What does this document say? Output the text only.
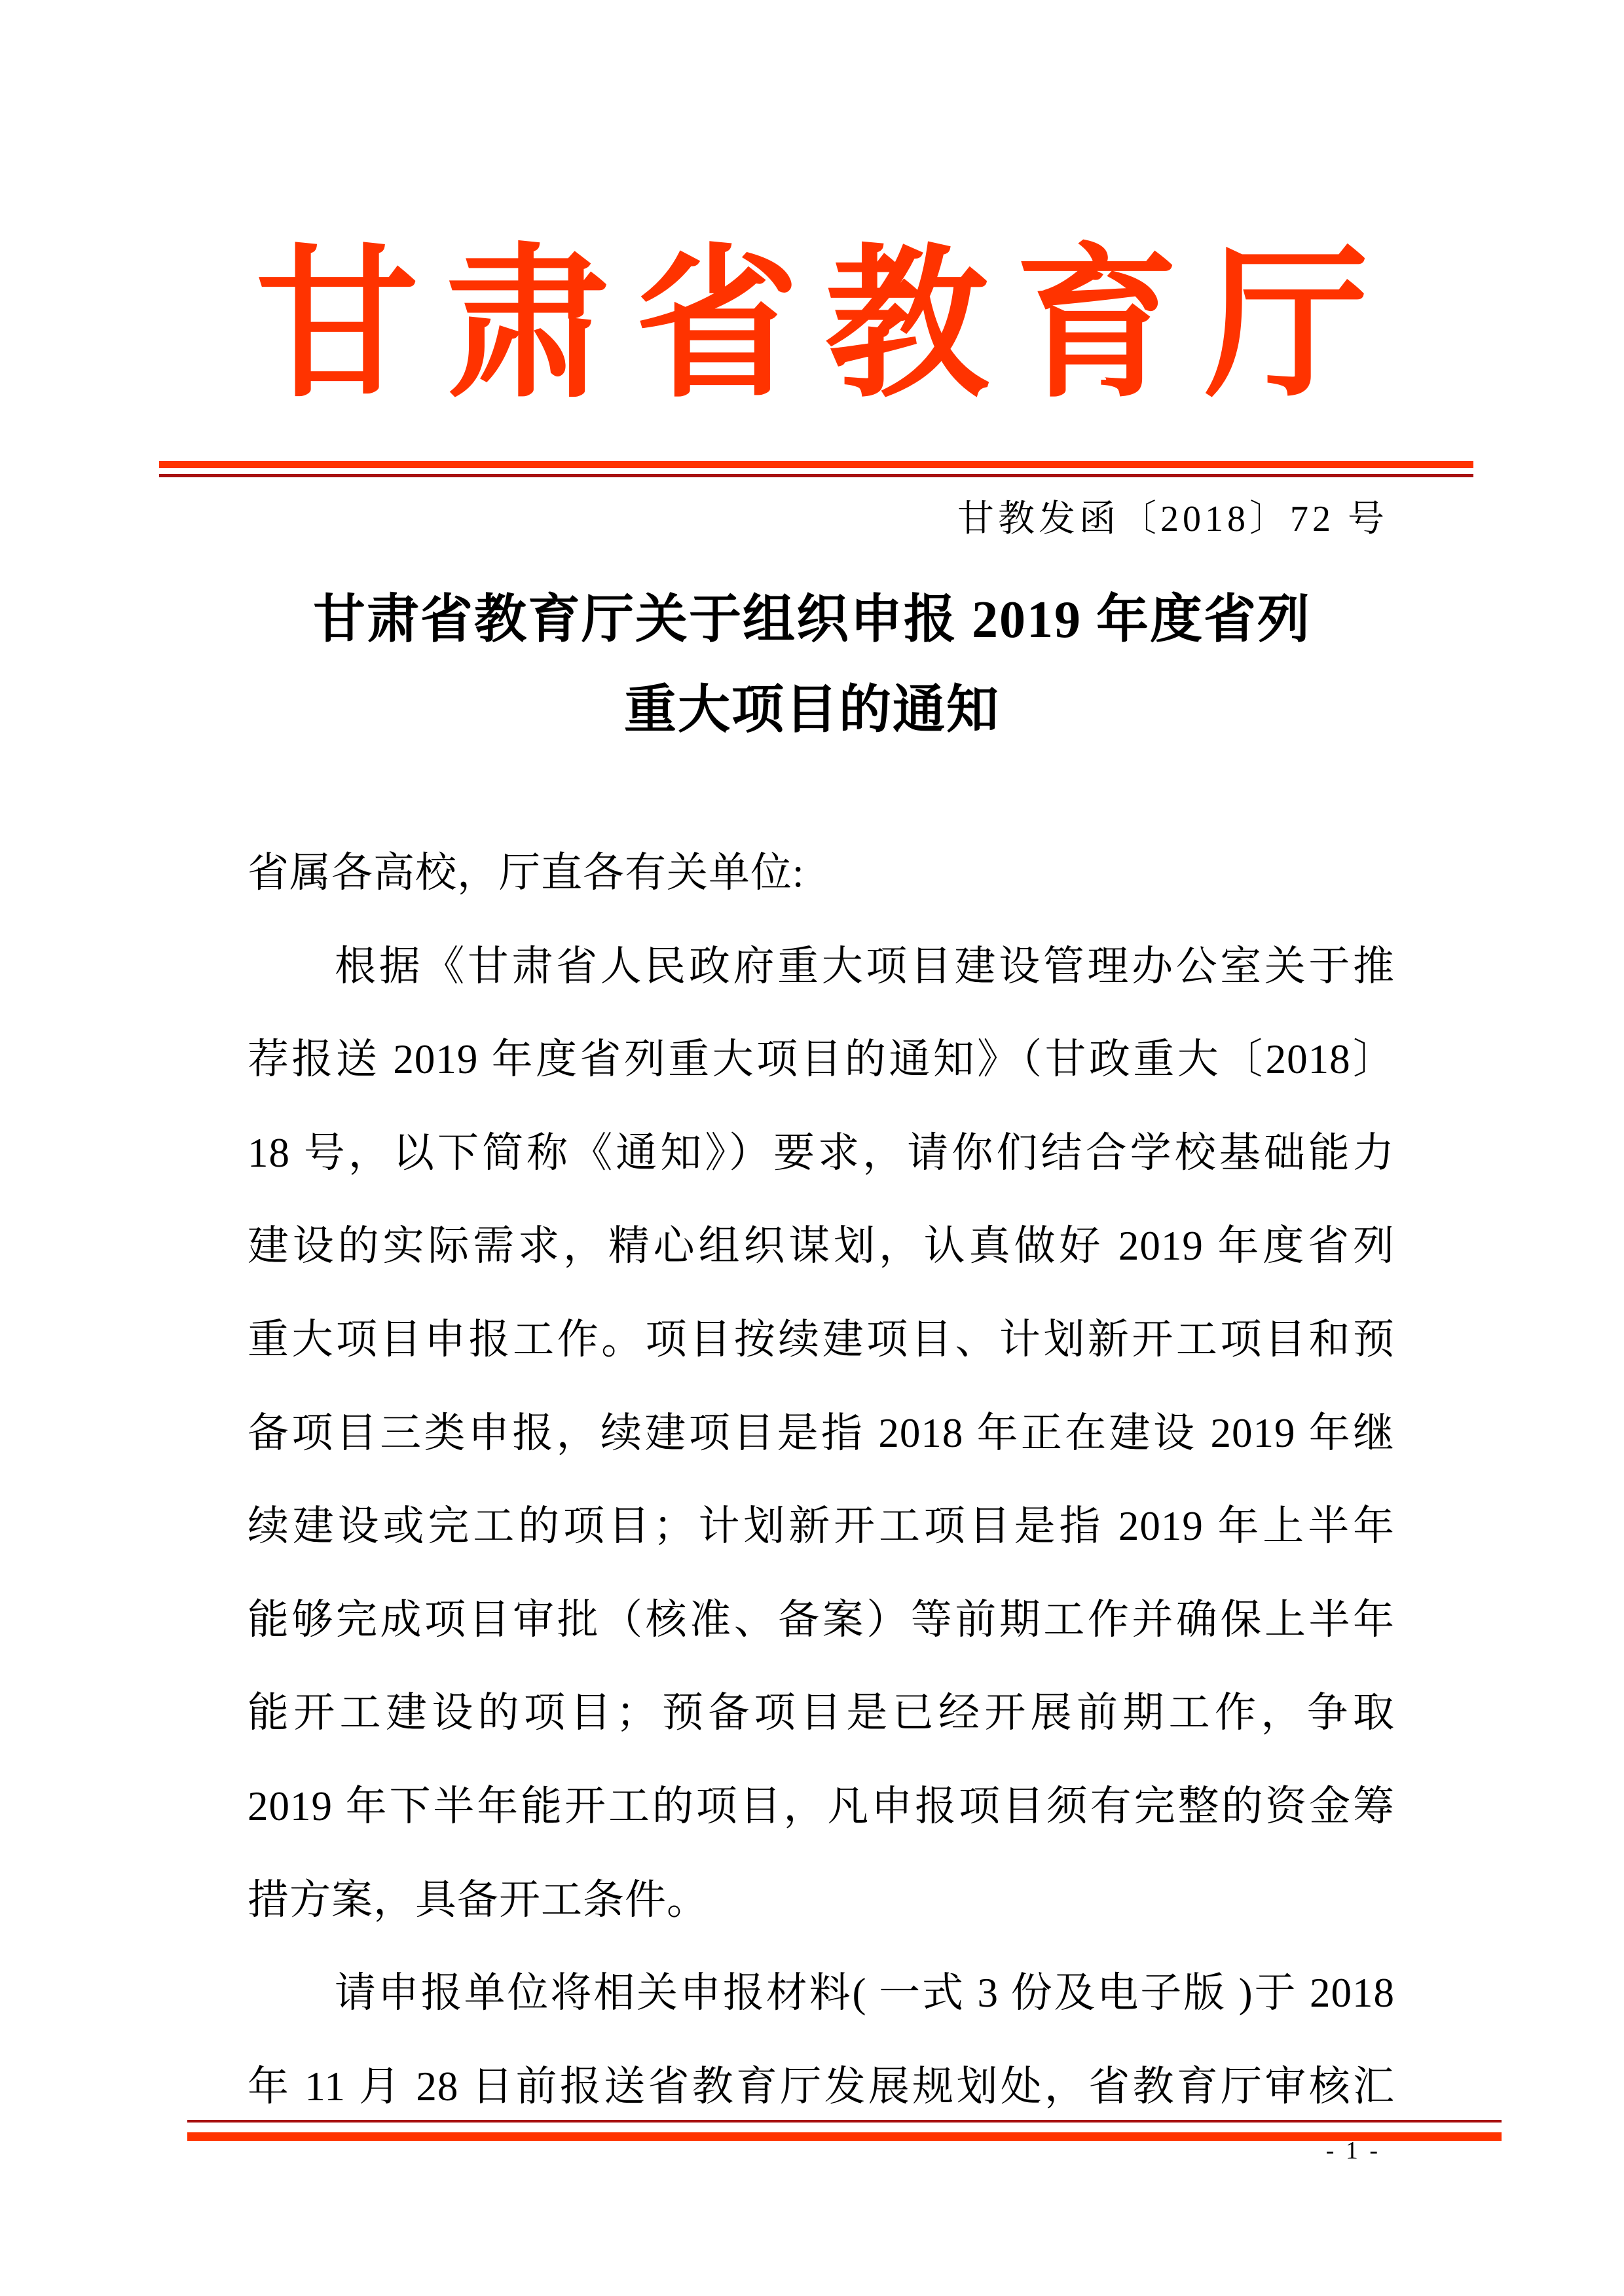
甘肃省教育厅
甘教发函〔2018〕72 号
甘肃省教育厅关于组织申报 2019 年度省列
重大项目的通知
省属各高校，厅直各有关单位:
根据《甘肃省人民政府重大项目建设管理办公室关于推
荐报送 2019 年度省列重大项目的通知》（甘政重大〔2018〕
18 号，以下简称《通知》）要求，请你们结合学校基础能力
建设的实际需求，精心组织谋划，认真做好 2019 年度省列
重大项目申报工作。项目按续建项目、计划新开工项目和预
备项目三类申报，续建项目是指 2018 年正在建设 2019 年继
续建设或完工的项目；计划新开工项目是指 2019 年上半年
能够完成项目审批（核准、备案）等前期工作并确保上半年
能开工建设的项目；预备项目是已经开展前期工作，争取
2019 年下半年能开工的项目，凡申报项目须有完整的资金筹
措方案，具备开工条件。
请申报单位将相关申报材料( 一式 3 份及电子版 )于 2018
年 11 月 28 日前报送省教育厅发展规划处，省教育厅审核汇
- 1 -
